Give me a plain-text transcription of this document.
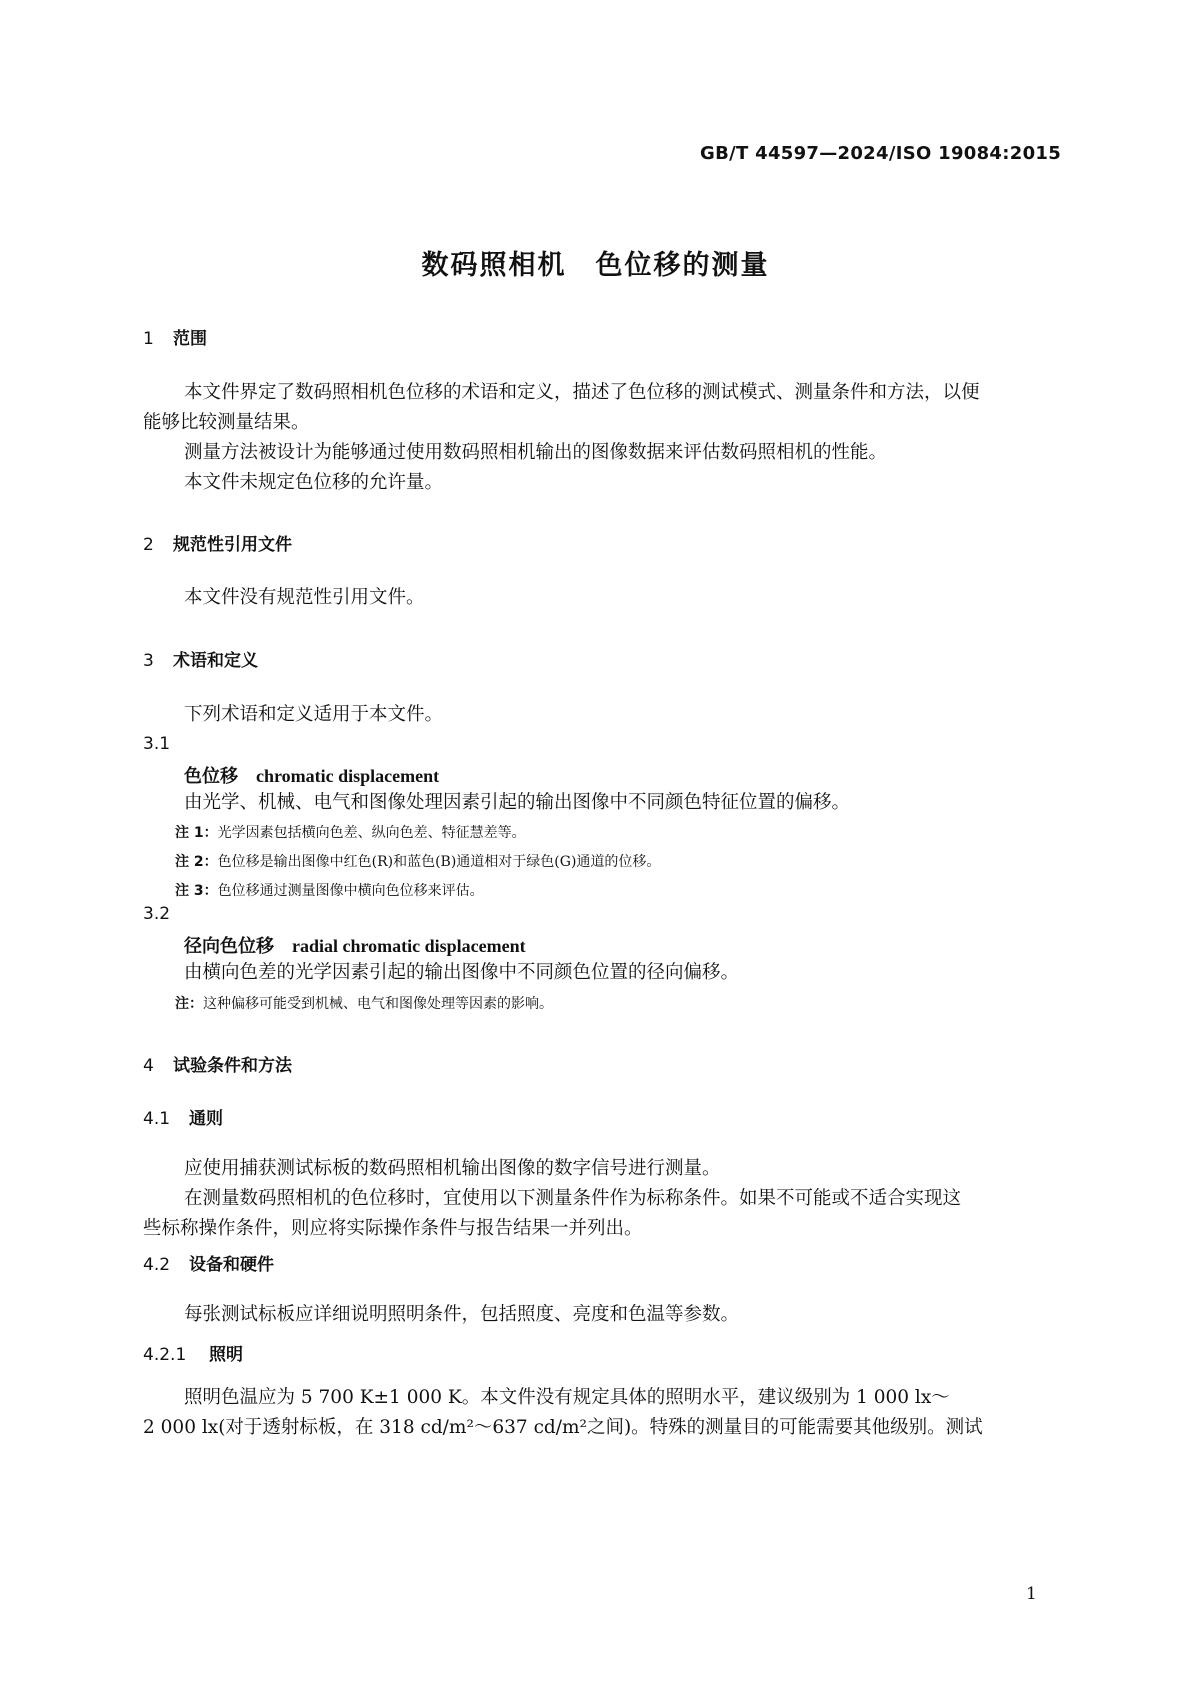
GB/T 44597—2024/ISO 19084:2015
数码照相机　色位移的测量
1 范围
本文件界定了数码照相机色位移的术语和定义，描述了色位移的测试模式、测量条件和方法，以便
能够比较测量结果。
测量方法被设计为能够通过使用数码照相机输出的图像数据来评估数码照相机的性能。
本文件未规定色位移的允许量。
2 规范性引用文件
本文件没有规范性引用文件。
3 术语和定义
下列术语和定义适用于本文件。
3.1
色位移 chromatic displacement
由光学、机械、电气和图像处理因素引起的输出图像中不同颜色特征位置的偏移。
注 1：光学因素包括横向色差、纵向色差、特征慧差等。
注 2：色位移是输出图像中红色(R)和蓝色(B)通道相对于绿色(G)通道的位移。
注 3：色位移通过测量图像中横向色位移来评估。
3.2
径向色位移 radial chromatic displacement
由横向色差的光学因素引起的输出图像中不同颜色位置的径向偏移。
注：这种偏移可能受到机械、电气和图像处理等因素的影响。
4 试验条件和方法
4.1 通则
应使用捕获测试标板的数码照相机输出图像的数字信号进行测量。
在测量数码照相机的色位移时，宜使用以下测量条件作为标称条件。如果不可能或不适合实现这
些标称操作条件，则应将实际操作条件与报告结果一并列出。
4.2 设备和硬件
每张测试标板应详细说明照明条件，包括照度、亮度和色温等参数。
4.2.1 照明
照明色温应为 5 700 K±1 000 K。本文件没有规定具体的照明水平，建议级别为 1 000 lx～
2 000 lx(对于透射标板，在 318 cd/m²～637 cd/m²之间)。特殊的测量目的可能需要其他级别。测试
1
